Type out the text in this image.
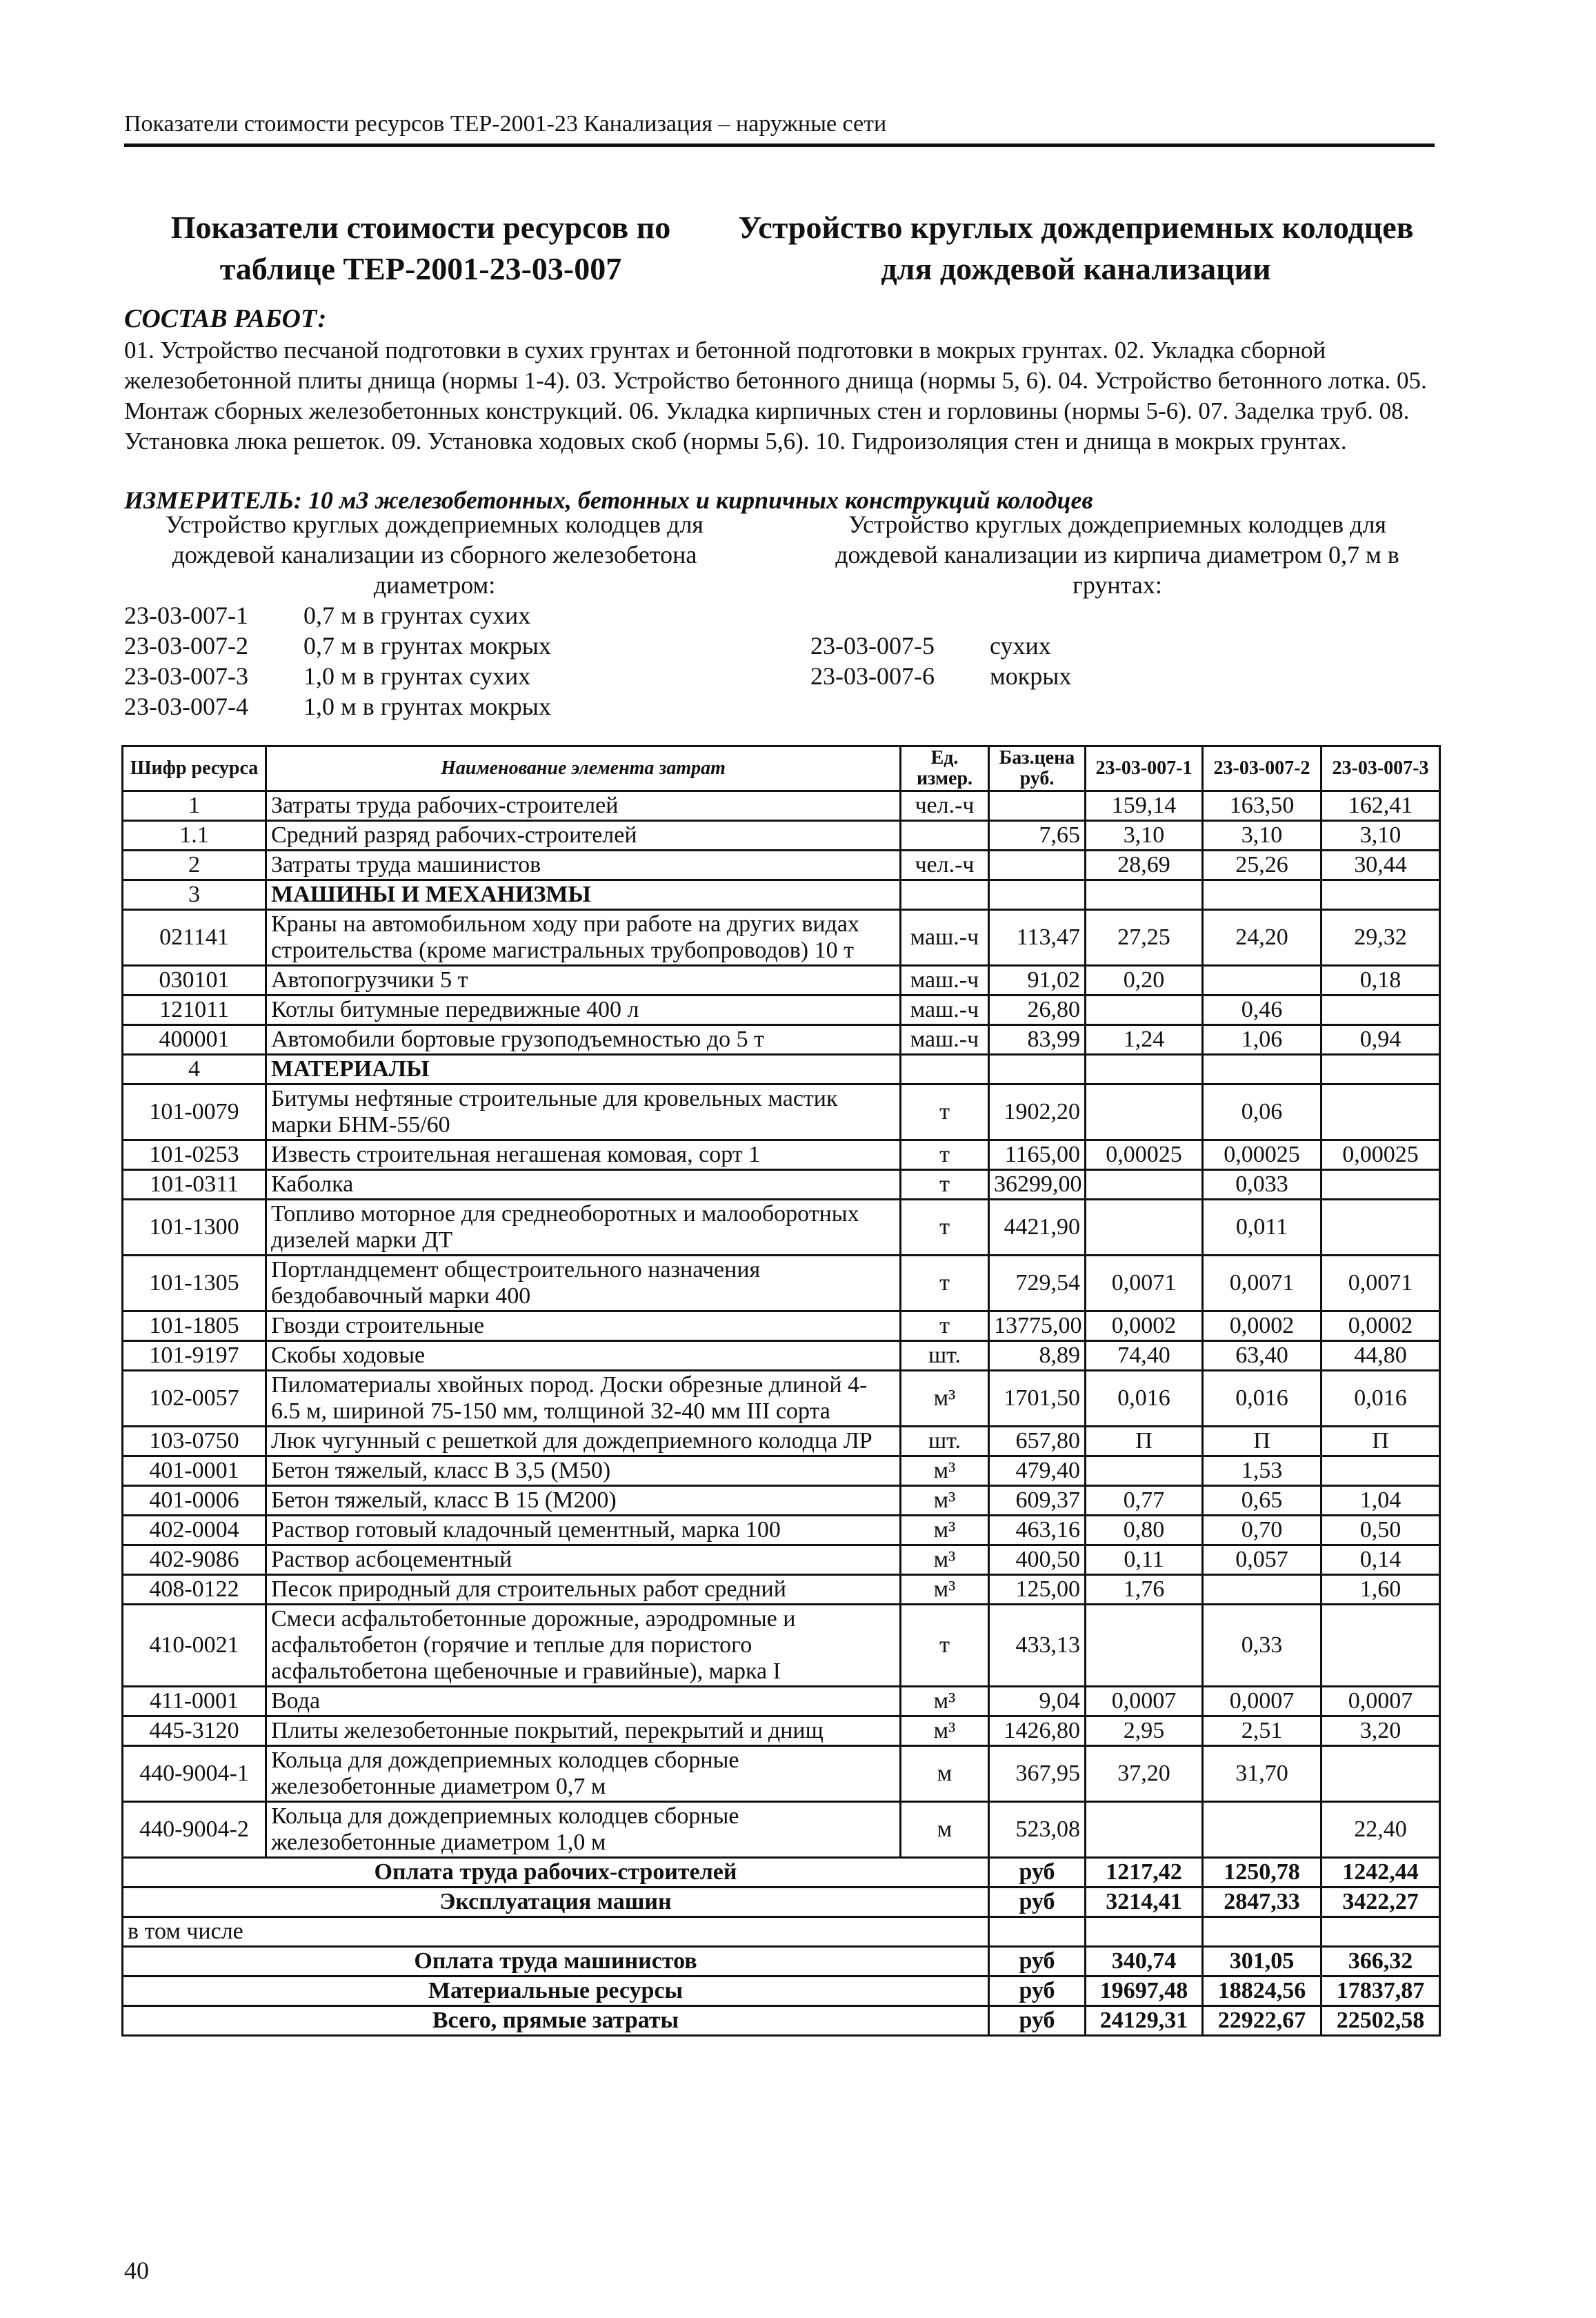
Показатели стоимости ресурсов ТЕР-2001-23 Канализация – наружные сети
Показатели стоимости ресурсов по таблице ТЕР-2001-23-03-007
Устройство круглых дождеприемных колодцев для дождевой канализации
СОСТАВ РАБОТ:
01. Устройство песчаной подготовки в сухих грунтах и бетонной подготовки в мокрых грунтах. 02. Укладка сборной железобетонной плиты днища (нормы 1-4). 03. Устройство бетонного днища (нормы 5, 6). 04. Устройство бетонного лотка. 05. Монтаж сборных железобетонных конструкций. 06. Укладка кирпичных стен и горловины (нормы 5-6). 07. Заделка труб. 08. Установка люка решеток. 09. Установка ходовых скоб (нормы 5,6). 10. Гидроизоляция стен и днища в мокрых грунтах.
ИЗМЕРИТЕЛЬ: 10 м3 железобетонных, бетонных и кирпичных конструкций колодцев
Устройство круглых дождеприемных колодцев для дождевой канализации из сборного железобетона диаметром:
Устройство круглых дождеприемных колодцев для дождевой канализации из кирпича диаметром 0,7 м в грунтах:
23-03-007-1	0,7 м в грунтах сухих
23-03-007-2	0,7 м в грунтах мокрых
23-03-007-3	1,0 м в грунтах сухих
23-03-007-4	1,0 м в грунтах мокрых
23-03-007-5	сухих
23-03-007-6	мокрых
Шифр ресурса	Наименование элемента затрат	Ед. измер.	Баз.цена руб.	23-03-007-1	23-03-007-2	23-03-007-3
1	Затраты труда рабочих-строителей	чел.-ч		159,14	163,50	162,41
1.1	Средний разряд рабочих-строителей		7,65	3,10	3,10	3,10
2	Затраты труда машинистов	чел.-ч		28,69	25,26	30,44
3	МАШИНЫ И МЕХАНИЗМЫ					
021141	Краны на автомобильном ходу при работе на других видах строительства (кроме магистральных трубопроводов) 10 т	маш.-ч	113,47	27,25	24,20	29,32
030101	Автопогрузчики 5 т	маш.-ч	91,02	0,20		0,18
121011	Котлы битумные передвижные 400 л	маш.-ч	26,80		0,46	
400001	Автомобили бортовые грузоподъемностью до 5 т	маш.-ч	83,99	1,24	1,06	0,94
4	МАТЕРИАЛЫ					
101-0079	Битумы нефтяные строительные для кровельных мастик марки БНМ-55/60	т	1902,20		0,06	
101-0253	Известь строительная негашеная комовая, сорт 1	т	1165,00	0,00025	0,00025	0,00025
101-0311	Каболка	т	36299,00		0,033	
101-1300	Топливо моторное для среднеоборотных и малооборотных дизелей марки ДТ	т	4421,90		0,011	
101-1305	Портландцемент общестроительного назначения бездобавочный марки 400	т	729,54	0,0071	0,0071	0,0071
101-1805	Гвозди строительные	т	13775,00	0,0002	0,0002	0,0002
101-9197	Скобы ходовые	шт.	8,89	74,40	63,40	44,80
102-0057	Пиломатериалы хвойных пород. Доски обрезные длиной 4-6.5 м, шириной 75-150 мм, толщиной 32-40 мм III сорта	м³	1701,50	0,016	0,016	0,016
103-0750	Люк чугунный с решеткой для дождеприемного колодца ЛР	шт.	657,80	П	П	П
401-0001	Бетон тяжелый, класс В 3,5 (М50)	м³	479,40		1,53	
401-0006	Бетон тяжелый, класс В 15 (М200)	м³	609,37	0,77	0,65	1,04
402-0004	Раствор готовый кладочный цементный, марка 100	м³	463,16	0,80	0,70	0,50
402-9086	Раствор асбоцементный	м³	400,50	0,11	0,057	0,14
408-0122	Песок природный для строительных работ средний	м³	125,00	1,76		1,60
410-0021	Смеси асфальтобетонные дорожные, аэродромные и асфальтобетон (горячие и теплые для пористого асфальтобетона щебеночные и гравийные), марка I	т	433,13		0,33	
411-0001	Вода	м³	9,04	0,0007	0,0007	0,0007
445-3120	Плиты железобетонные покрытий, перекрытий и днищ	м³	1426,80	2,95	2,51	3,20
440-9004-1	Кольца для дождеприемных колодцев сборные железобетонные диаметром 0,7 м	м	367,95	37,20	31,70	
440-9004-2	Кольца для дождеприемных колодцев сборные железобетонные диаметром 1,0 м	м	523,08			22,40
Оплата труда рабочих-строителей			руб	1217,42	1250,78	1242,44
Эксплуатация машин			руб	3214,41	2847,33	3422,27
в том числе						
Оплата труда машинистов			руб	340,74	301,05	366,32
Материальные ресурсы			руб	19697,48	18824,56	17837,87
Всего, прямые затраты			руб	24129,31	22922,67	22502,58
40
